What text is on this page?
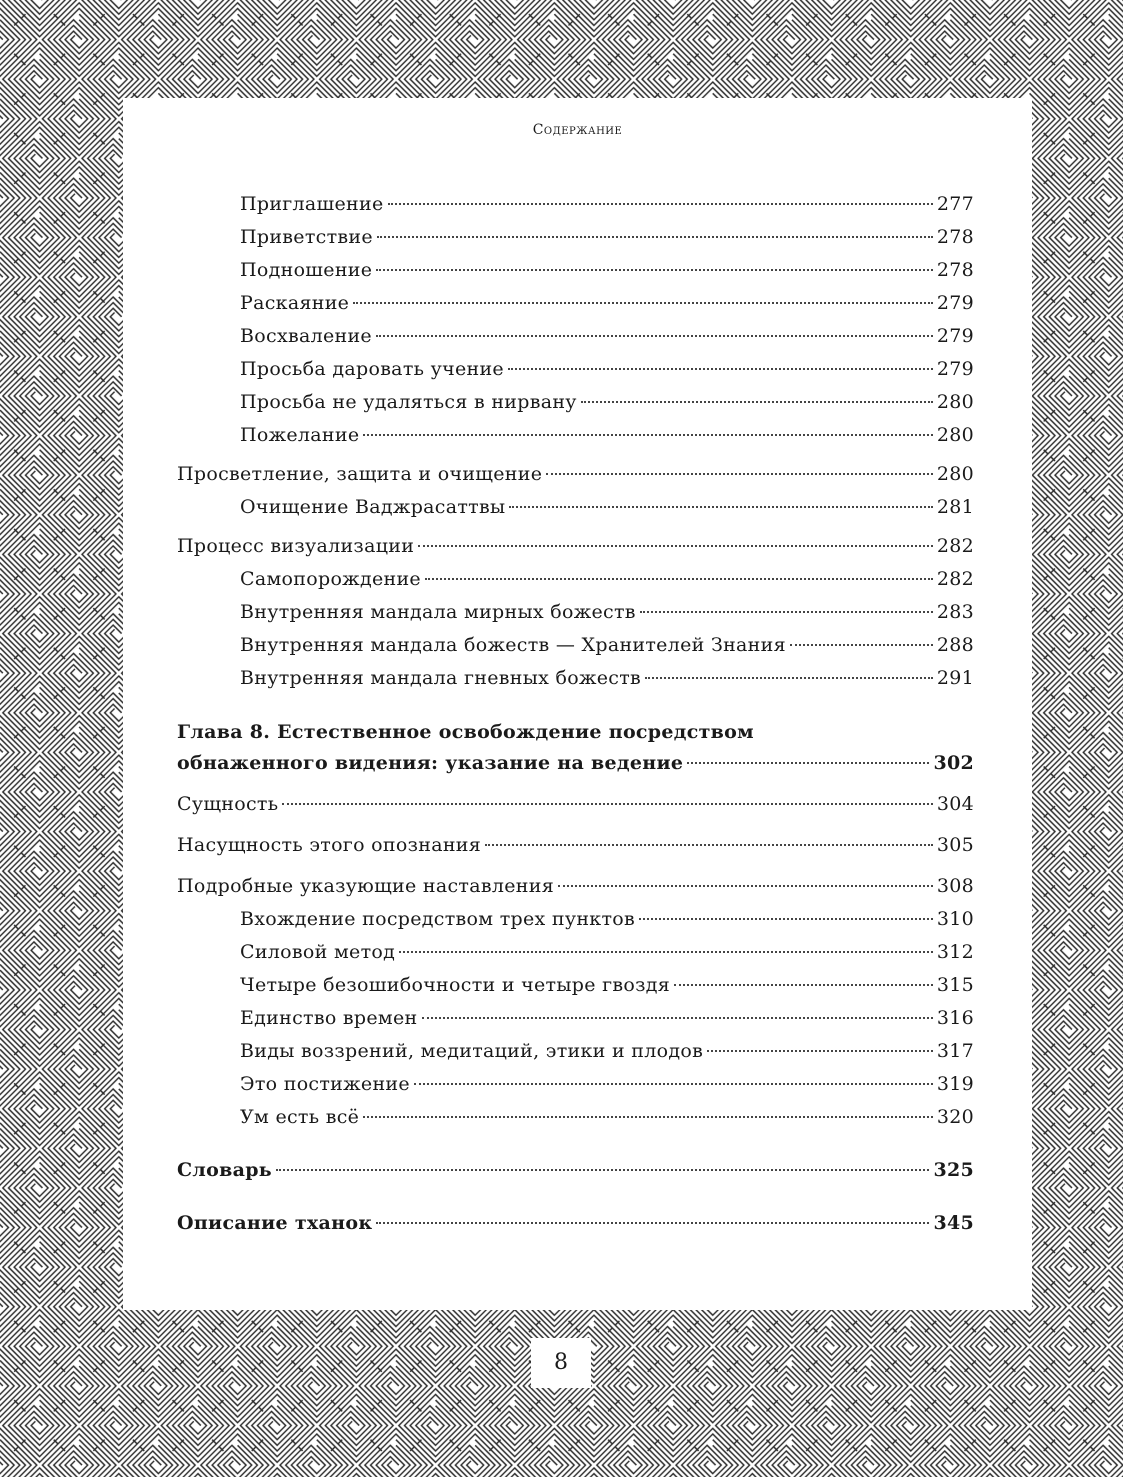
Содержание
Приглашение	277
Приветствие	278
Подношение	278
Раскаяние	279
Восхваление	279
Просьба даровать учение	279
Просьба не удаляться в нирвану	280
Пожелание	280
Просветление, защита и очищение	280
Очищение Ваджрасаттвы	281
Процесс визуализации	282
Самопорождение	282
Внутренняя мандала мирных божеств	283
Внутренняя мандала божеств — Хранителей Знания	288
Внутренняя мандала гневных божеств	291
Глава 8. Естественное освобождение посредством
обнаженного видения: указание на ведение	302
Сущность	304
Насущность этого опознания	305
Подробные указующие наставления	308
Вхождение посредством трех пунктов	310
Силовой метод	312
Четыре безошибочности и четыре гвоздя	315
Единство времен	316
Виды воззрений, медитаций, этики и плодов	317
Это постижение	319
Ум есть всё	320
Словарь	325
Описание тханок	345
8
